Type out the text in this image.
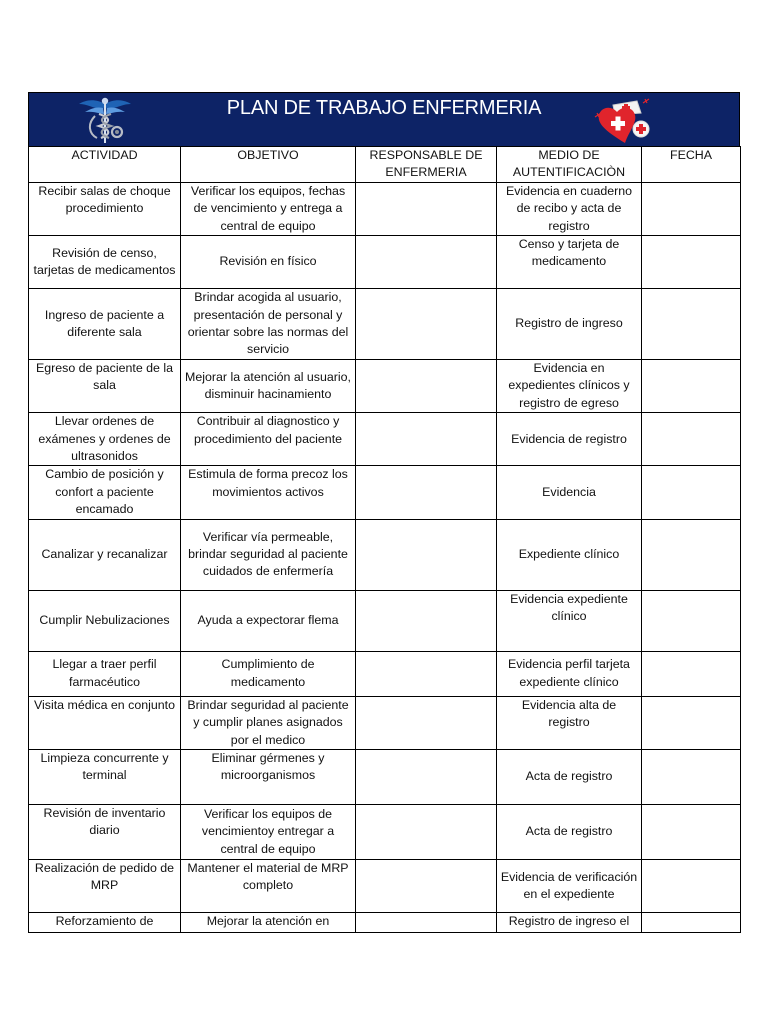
PLAN DE TRABAJO ENFERMERIA
ACTIVIDAD	OBJETIVO	RESPONSABLE DE ENFERMERIA	MEDIO DE AUTENTIFICACIÒN	FECHA
Recibir salas de choque procedimiento	Verificar los equipos, fechas de vencimiento y entrega a central de equipo		Evidencia en cuaderno de recibo y acta de registro	
Revisión de censo, tarjetas de medicamentos	Revisión en físico		Censo y tarjeta de medicamento	
Ingreso de paciente a diferente sala	Brindar acogida al usuario, presentación de personal y orientar sobre las normas del servicio		Registro de ingreso	
Egreso de paciente de la sala	Mejorar la atención al usuario, disminuir hacinamiento		Evidencia en expedientes clínicos y registro de egreso	
Llevar ordenes de exámenes y ordenes de ultrasonidos	Contribuir al diagnostico y procedimiento del paciente		Evidencia de registro	
Cambio de posición y confort a paciente encamado	Estimula de forma precoz los movimientos activos		Evidencia	
Canalizar y recanalizar	Verificar vía permeable, brindar seguridad al paciente cuidados de enfermería		Expediente clínico	
Cumplir Nebulizaciones	Ayuda a expectorar flema		Evidencia expediente clínico	
Llegar a traer perfil farmacéutico	Cumplimiento de medicamento		Evidencia perfil tarjeta expediente clínico	
Visita médica en conjunto	Brindar seguridad al paciente y cumplir planes asignados por el medico		Evidencia alta de registro	
Limpieza concurrente y terminal	Eliminar gérmenes y microorganismos		Acta de registro	
Revisión de inventario diario	Verificar los equipos de vencimientoy entregar a central de equipo		Acta de registro	
Realización de pedido de MRP	Mantener el material de MRP completo		Evidencia de verificación en el expediente	
Reforzamiento de	Mejorar la atención en		Registro de ingreso el	
